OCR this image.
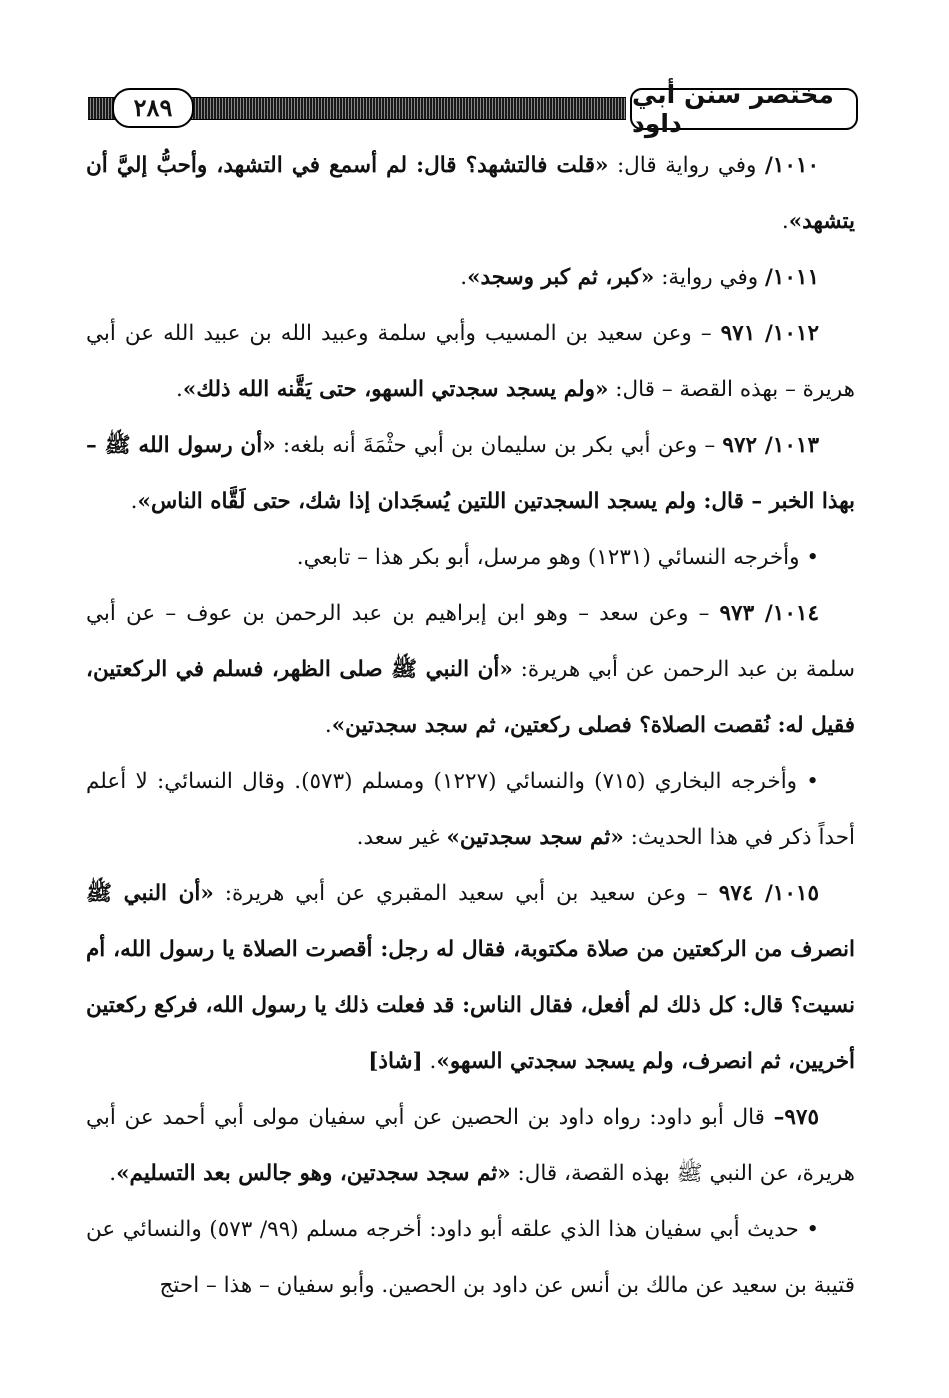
٢٨٩	مختصر سنن أبي داود

١٠١٠/ وفي رواية قال: «قلت فالتشهد؟ قال: لم أسمع في التشهد، وأحبُّ إليَّ أن يتشهد».

١٠١١/ وفي رواية: «كبر، ثم كبر وسجد».

١٠١٢/ ٩٧١ – وعن سعيد بن المسيب وأبي سلمة وعبيد الله بن عبيد الله عن أبي هريرة – بهذه القصة – قال: «ولم يسجد سجدتي السهو، حتى يَقَّنه الله ذلك».

١٠١٣/ ٩٧٢ – وعن أبي بكر بن سليمان بن أبي حثْمَةَ أنه بلغه: «أن رسول الله ﷺ – بهذا الخبر – قال: ولم يسجد السجدتين اللتين يُسجَدان إذا شك، حتى لَقَّاه الناس».

• وأخرجه النسائي (١٢٣١) وهو مرسل، أبو بكر هذا – تابعي.

١٠١٤/ ٩٧٣ – وعن سعد – وهو ابن إبراهيم بن عبد الرحمن بن عوف – عن أبي سلمة بن عبد الرحمن عن أبي هريرة: «أن النبي ﷺ صلى الظهر، فسلم في الركعتين، فقيل له: نُقصت الصلاة؟ فصلى ركعتين، ثم سجد سجدتين».

• وأخرجه البخاري (٧١٥) والنسائي (١٢٢٧) ومسلم (٥٧٣). وقال النسائي: لا أعلم أحداً ذكر في هذا الحديث: «ثم سجد سجدتين» غير سعد.

١٠١٥/ ٩٧٤ – وعن سعيد بن أبي سعيد المقبري عن أبي هريرة: «أن النبي ﷺ انصرف من الركعتين من صلاة مكتوبة، فقال له رجل: أقصرت الصلاة يا رسول الله، أم نسيت؟ قال: كل ذلك لم أفعل، فقال الناس: قد فعلت ذلك يا رسول الله، فركع ركعتين أخريين، ثم انصرف، ولم يسجد سجدتي السهو». [شاذ]

٩٧٥– قال أبو داود: رواه داود بن الحصين عن أبي سفيان مولى أبي أحمد عن أبي هريرة، عن النبي ﷺ بهذه القصة، قال: «ثم سجد سجدتين، وهو جالس بعد التسليم».

• حديث أبي سفيان هذا الذي علقه أبو داود: أخرجه مسلم (٩٩/ ٥٧٣) والنسائي عن قتيبة بن سعيد عن مالك بن أنس عن داود بن الحصين. وأبو سفيان – هذا – احتج
